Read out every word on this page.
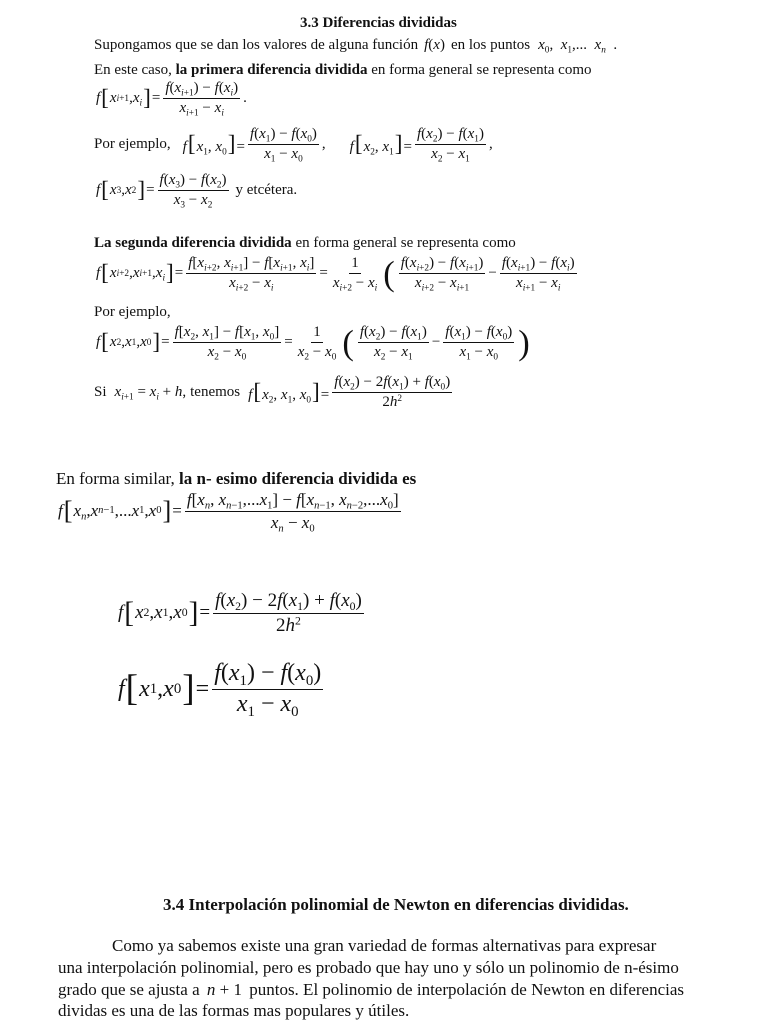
3.3 Diferencias divididas
Supongamos que se dan los valores de alguna función f(x) en los puntos $x_0$,  $x_1$,...  $x_n$  .
En este caso, la primera diferencia dividida en forma general se representa como
f [ x i+1 , $x_i$ ] = $\frac{f(x_{i+1}) - f(x_i)}{x_{i+1} - x_i}$ .
Por ejemplo, $f[x_1$, $x_0]= \frac{f(x_1) - f(x_0)}{x_1 - x_0}$ , $f[x_2$, $x_1]= \frac{f(x_2) - f(x_1)}{x_2 - x_1}$ ,
f [ x 3 , x 2 ] = $\frac{f(x_3) - f(x_2)}{x_3 - x_2}$ y etcétera.
La segunda diferencia dividida en forma general se representa como
f [ x i+2 , x i+1 , $x_i$ ] = $\frac{f[x_{i+2}, x_{i+1}] - f[x_{i+1}, x_i]}{x_{i+2} - x_i} = \frac{1}{x_{i+2} - x_i}$ ( $\frac{f(x_{i+2}) - f(x_{i+1})}{x_{i+2} - x_{i+1}} - \frac{f(x_{i+1}) - f(x_i)}{x_{i+1} - x_i}$
Por ejemplo,
f [ x 2 , x 1 , x 0 ] = $\frac{f[x_2, x_1] - f[x_1, x_0]}{x_2 - x_0} = \frac{1}{x_2 - x_0}$ ( $\frac{f(x_2) - f(x_1)}{x_2 - x_1} - \frac{f(x_1) - f(x_0)}{x_1 - x_0}$ )
Si $x_{i+1} = x_i + h$, tenemos $f[x_2$, $x_1$, $x_0]= \frac{f(x_2) - 2f(x_1) + f(x_0)}{2h^2}$
En forma similar, la n- esimo diferencia dividida es
f [ $x_n$ , x n−1 ,... x 1 , x 0 ] = $\frac{f[x_n, x_{n-1},...x_1] - f[x_{n-1}, x_{n-2},...x_0]}{x_n - x_0}$
f [ x 2 , x 1 , x 0 ] = $\frac{f(x_2) - 2f(x_1) + f(x_0)}{2h^2}$
f [ x 1 , x 0 ] = $\frac{f(x_1) - f(x_0)}{x_1 - x_0}$
3.4 Interpolación polinomial de Newton en diferencias divididas.
Como ya sabemos existe una gran variedad de formas alternativas para expresar
una interpolación polinomial, pero es probado que hay uno y sólo un polinomio de n-ésimo
grado que se ajusta a n + 1 puntos. El polinomio de interpolación de Newton en diferencias
dividas es una de las formas mas populares y útiles.
